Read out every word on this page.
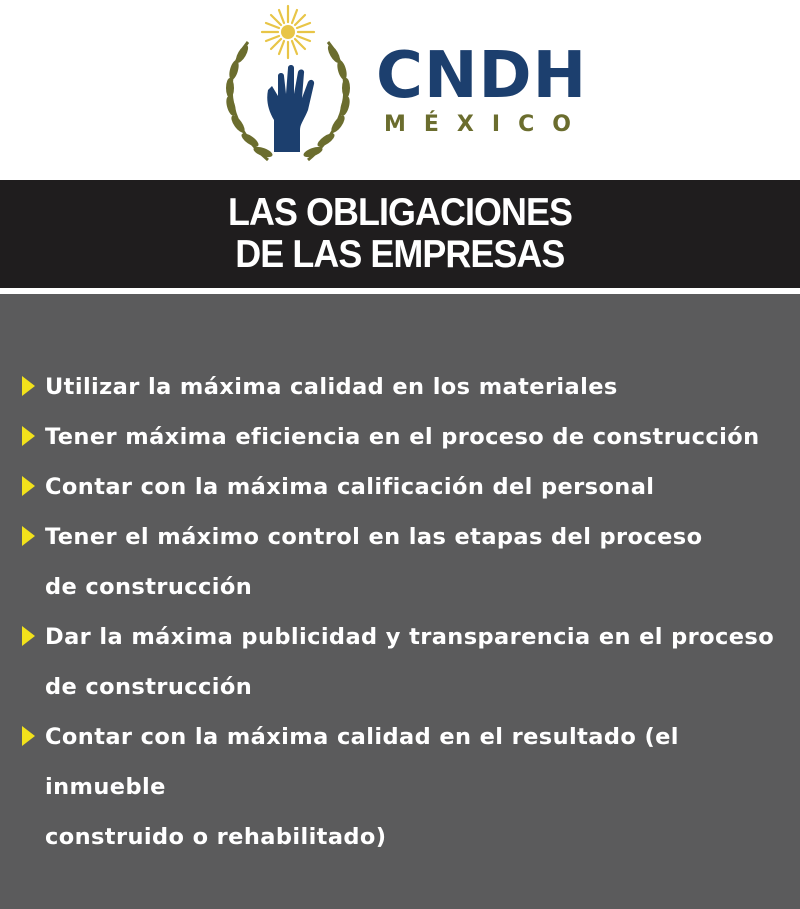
CNDH
MÉXICO
LAS OBLIGACIONES
DE LAS EMPRESAS
Utilizar la máxima calidad en los materiales
Tener máxima eficiencia en el proceso de construcción
Contar con la máxima calificación del personal
Tener el máximo control en las etapas del proceso
de construcción
Dar la máxima publicidad y transparencia en el proceso
de construcción
Contar con la máxima calidad en el resultado (el inmueble
construido o rehabilitado)
